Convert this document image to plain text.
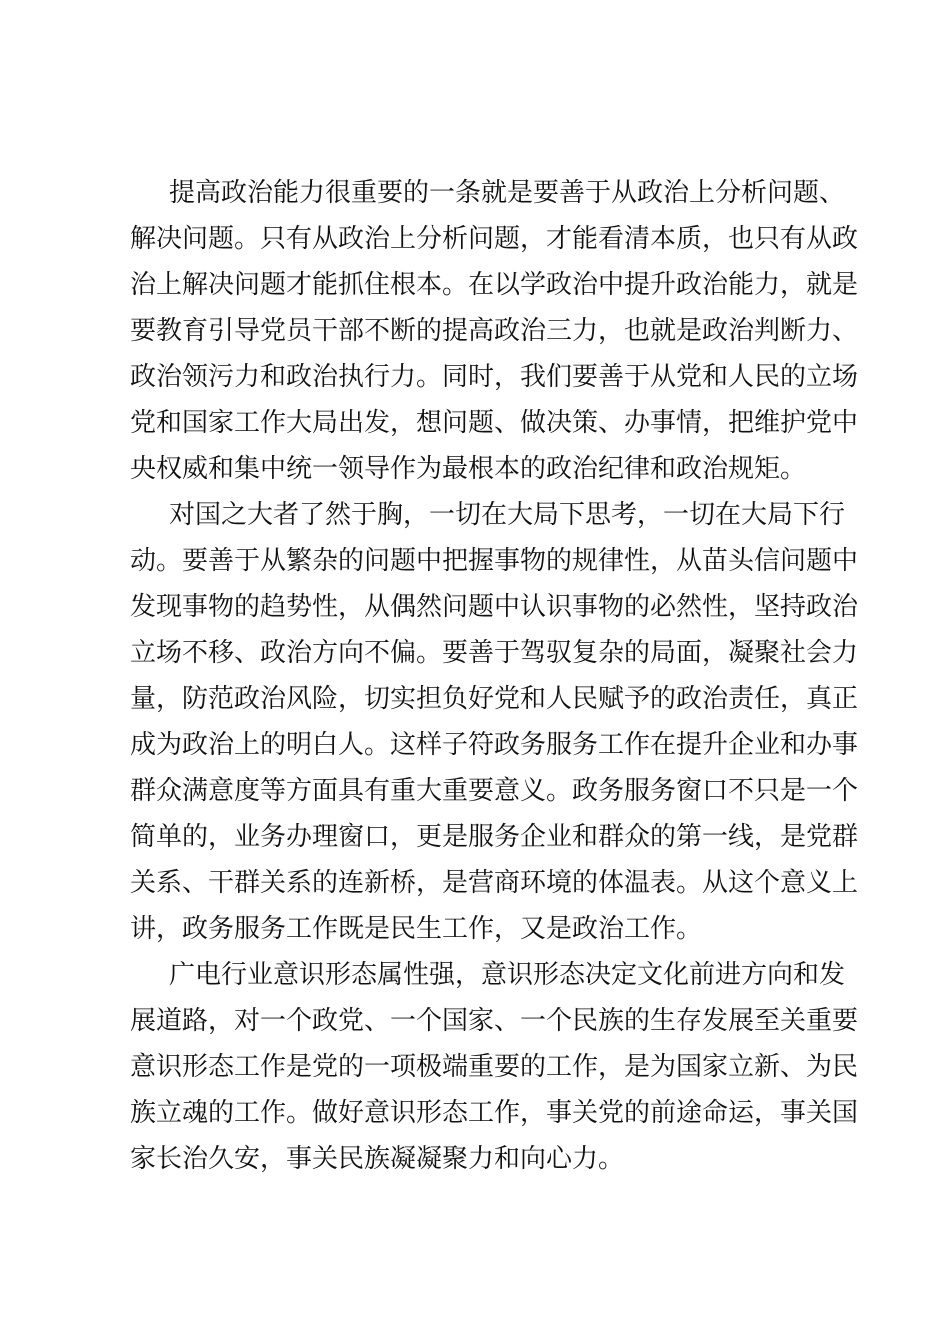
提高政治能力很重要的一条就是要善于从政治上分析问题、
解决问题。只有从政治上分析问题，才能看清本质，也只有从政
治上解决问题才能抓住根本。在以学政治中提升政治能力，就是
要教育引导党员干部不断的提高政治三力，也就是政治判断力、
政治领污力和政治执行力。同时，我们要善于从党和人民的立场
党和国家工作大局出发，想问题、做决策、办事情，把维护党中
央权威和集中统一领导作为最根本的政治纪律和政治规矩。
对国之大者了然于胸，一切在大局下思考，一切在大局下行
动。要善于从繁杂的问题中把握事物的规律性，从苗头信问题中
发现事物的趋势性，从偶然问题中认识事物的必然性，坚持政治
立场不移、政治方向不偏。要善于驾驭复杂的局面，凝聚社会力
量，防范政治风险，切实担负好党和人民赋予的政治责任，真正
成为政治上的明白人。这样子符政务服务工作在提升企业和办事
群众满意度等方面具有重大重要意义。政务服务窗口不只是一个
简单的，业务办理窗口，更是服务企业和群众的第一线，是党群
关系、干群关系的连新桥，是营商环境的体温表。从这个意义上
讲，政务服务工作既是民生工作，又是政治工作。
广电行业意识形态属性强，意识形态决定文化前进方向和发
展道路，对一个政党、一个国家、一个民族的生存发展至关重要
意识形态工作是党的一项极端重要的工作，是为国家立新、为民
族立魂的工作。做好意识形态工作，事关党的前途命运，事关国
家长治久安，事关民族凝凝聚力和向心力。
